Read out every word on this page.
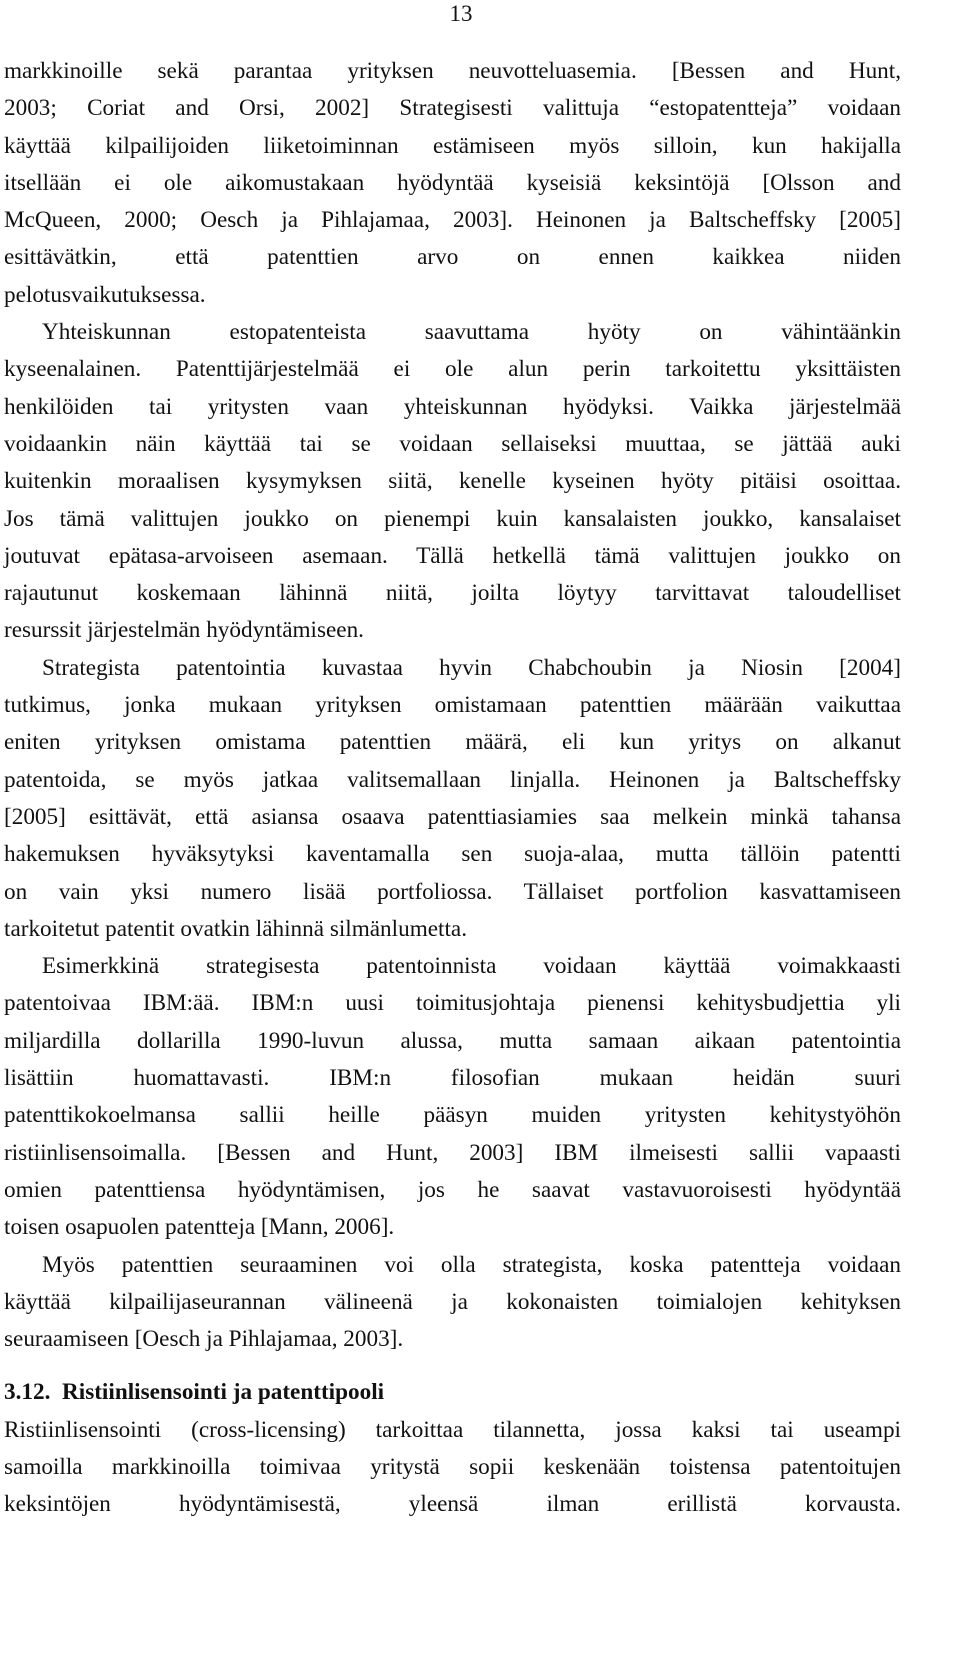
13
markkinoille sekä parantaa yrityksen neuvotteluasemia. [Bessen and Hunt,
2003; Coriat and Orsi, 2002] Strategisesti valittuja “estopatentteja” voidaan
käyttää kilpailijoiden liiketoiminnan estämiseen myös silloin, kun hakijalla
itsellään ei ole aikomustakaan hyödyntää kyseisiä keksintöjä [Olsson and
McQueen, 2000; Oesch ja Pihlajamaa, 2003]. Heinonen ja Baltscheffsky [2005]
esittävätkin, että patenttien arvo on ennen kaikkea niiden
pelotusvaikutuksessa.
Yhteiskunnan estopatenteista saavuttama hyöty on vähintäänkin
kyseenalainen. Patenttijärjestelmää ei ole alun perin tarkoitettu yksittäisten
henkilöiden tai yritysten vaan yhteiskunnan hyödyksi. Vaikka järjestelmää
voidaankin näin käyttää tai se voidaan sellaiseksi muuttaa, se jättää auki
kuitenkin moraalisen kysymyksen siitä, kenelle kyseinen hyöty pitäisi osoittaa.
Jos tämä valittujen joukko on pienempi kuin kansalaisten joukko, kansalaiset
joutuvat epätasa-arvoiseen asemaan. Tällä hetkellä tämä valittujen joukko on
rajautunut koskemaan lähinnä niitä, joilta löytyy tarvittavat taloudelliset
resurssit järjestelmän hyödyntämiseen.
Strategista patentointia kuvastaa hyvin Chabchoubin ja Niosin [2004]
tutkimus, jonka mukaan yrityksen omistamaan patenttien määrään vaikuttaa
eniten yrityksen omistama patenttien määrä, eli kun yritys on alkanut
patentoida, se myös jatkaa valitsemallaan linjalla. Heinonen ja Baltscheffsky
[2005] esittävät, että asiansa osaava patenttiasiamies saa melkein minkä tahansa
hakemuksen hyväksytyksi kaventamalla sen suoja-alaa, mutta tällöin patentti
on vain yksi numero lisää portfoliossa. Tällaiset portfolion kasvattamiseen
tarkoitetut patentit ovatkin lähinnä silmänlumetta.
Esimerkkinä strategisesta patentoinnista voidaan käyttää voimakkaasti
patentoivaa IBM:ää. IBM:n uusi toimitusjohtaja pienensi kehitysbudjettia yli
miljardilla dollarilla 1990-luvun alussa, mutta samaan aikaan patentointia
lisättiin huomattavasti. IBM:n filosofian mukaan heidän suuri
patenttikokoelmansa sallii heille pääsyn muiden yritysten kehitystyöhön
ristiinlisensoimalla. [Bessen and Hunt, 2003] IBM ilmeisesti sallii vapaasti
omien patenttiensa hyödyntämisen, jos he saavat vastavuoroisesti hyödyntää
toisen osapuolen patentteja [Mann, 2006].
Myös patenttien seuraaminen voi olla strategista, koska patentteja voidaan
käyttää kilpailijaseurannan välineenä ja kokonaisten toimialojen kehityksen
seuraamiseen [Oesch ja Pihlajamaa, 2003].
3.12. Ristiinlisensointi ja patenttipooli
Ristiinlisensointi (cross-licensing) tarkoittaa tilannetta, jossa kaksi tai useampi
samoilla markkinoilla toimivaa yritystä sopii keskenään toistensa patentoitujen
keksintöjen hyödyntämisestä, yleensä ilman erillistä korvausta.
